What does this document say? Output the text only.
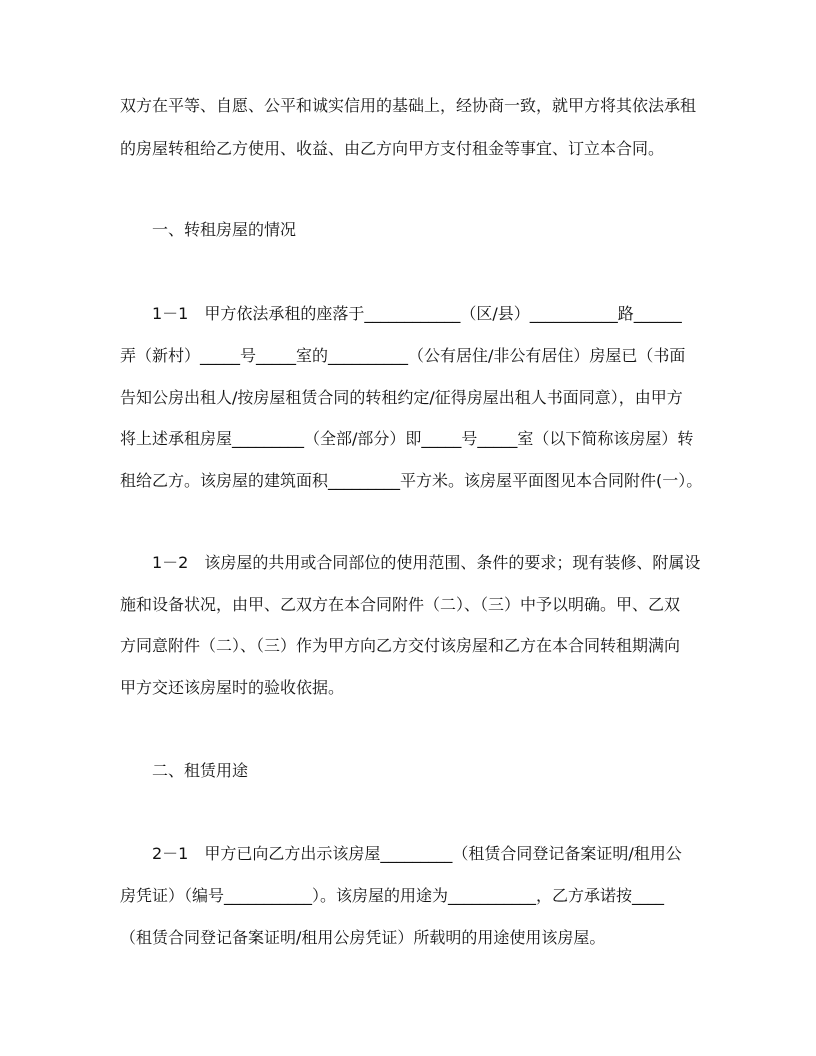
双方在平等、自愿、公平和诚实信用的基础上，经协商一致，就甲方将其依法承租
的房屋转租给乙方使用、收益、由乙方向甲方支付租金等事宜、订立本合同。
一、转租房屋的情况
1－1　甲方依法承租的座落于____________（区/县）___________路______
弄（新村）_____号_____室的__________（公有居住/非公有居住）房屋已（书面
告知公房出租人/按房屋租赁合同的转租约定/征得房屋出租人书面同意），由甲方
将上述承租房屋_________（全部/部分）即_____号_____室（以下简称该房屋）转
租给乙方。该房屋的建筑面积_________平方米。该房屋平面图见本合同附件(一）。
1－2　该房屋的共用或合同部位的使用范围、条件的要求；现有装修、附属设
施和设备状况，由甲、乙双方在本合同附件（二）、（三）中予以明确。甲、乙双
方同意附件（二）、（三）作为甲方向乙方交付该房屋和乙方在本合同转租期满向
甲方交还该房屋时的验收依据。
二、租赁用途
2－1　甲方已向乙方出示该房屋_________（租赁合同登记备案证明/租用公
房凭证）（编号___________）。该房屋的用途为___________，乙方承诺按____
（租赁合同登记备案证明/租用公房凭证）所载明的用途使用该房屋。
